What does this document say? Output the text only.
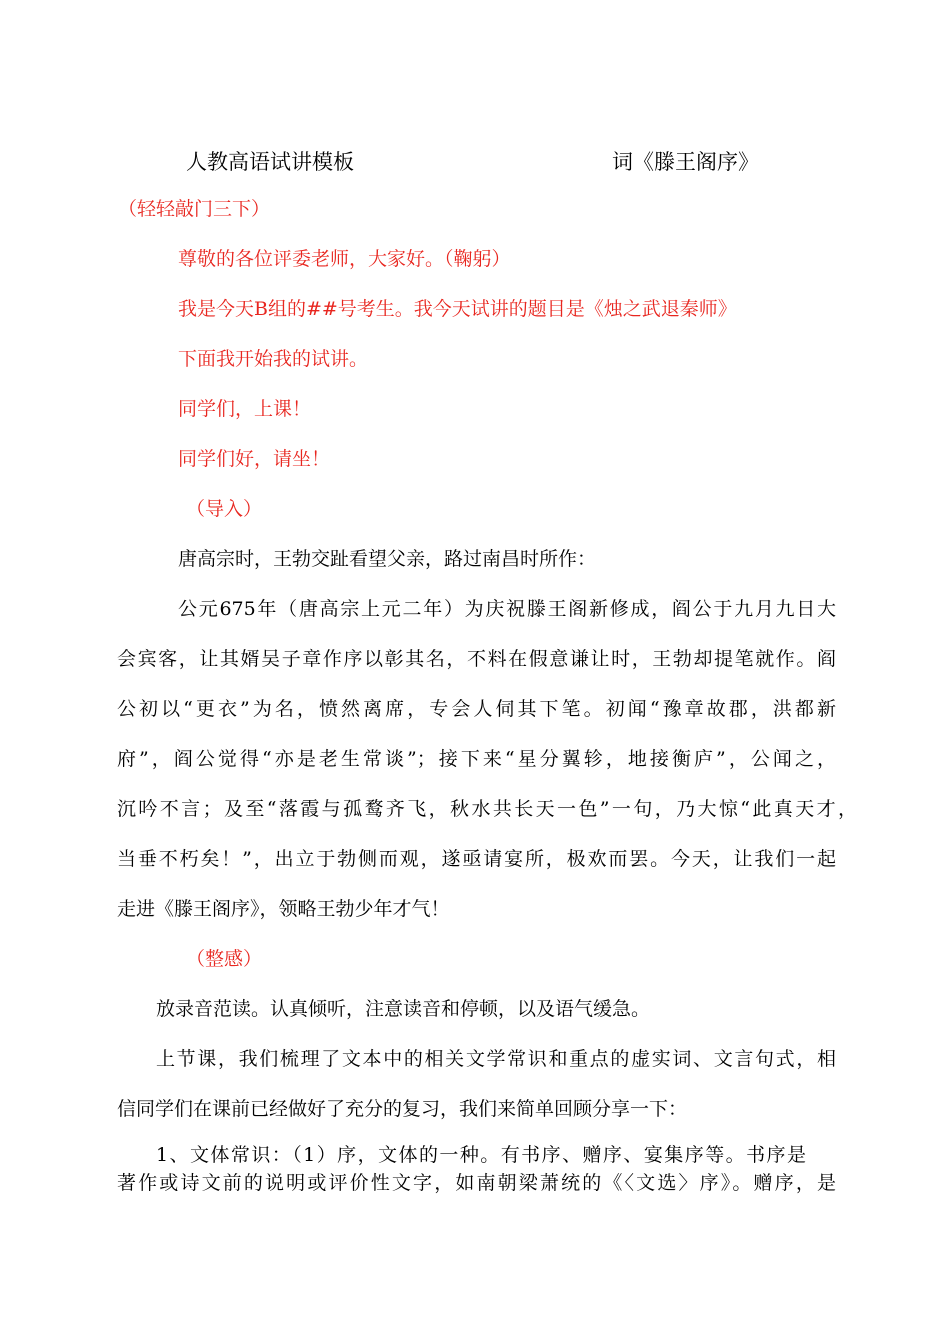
人教高语试讲模板	词《滕王阁序》
（轻轻敲门三下）
尊敬的各位评委老师，大家好。（鞠躬）
我是今天B组的##号考生。我今天试讲的题目是《烛之武退秦师》
下面我开始我的试讲。
同学们，上课！
同学们好，请坐！
（导入）
唐高宗时，王勃交趾看望父亲，路过南昌时所作：
公元675年（唐高宗上元二年）为庆祝滕王阁新修成，阎公于九月九日大
会宾客，让其婿吴子章作序以彰其名，不料在假意谦让时，王勃却提笔就作。阎
公初以“更衣”为名，愤然离席，专会人伺其下笔。初闻“豫章故郡，洪都新
府”，阎公觉得“亦是老生常谈”；接下来“星分翼轸，地接衡庐”，公闻之，
沉吟不言；及至“落霞与孤鹜齐飞，秋水共长天一色”一句，乃大惊“此真天才，
当垂不朽矣！”，出立于勃侧而观，遂亟请宴所，极欢而罢。今天，让我们一起
走进《滕王阁序》，领略王勃少年才气！
（整感）
放录音范读。认真倾听，注意读音和停顿，以及语气缓急。
上节课，我们梳理了文本中的相关文学常识和重点的虚实词、文言句式，相
信同学们在课前已经做好了充分的复习，我们来简单回顾分享一下：
1、文体常识：（1）序，文体的一种。有书序、赠序、宴集序等。书序是
著作或诗文前的说明或评价性文字，如南朝梁萧统的《〈文选〉序》。赠序，是
